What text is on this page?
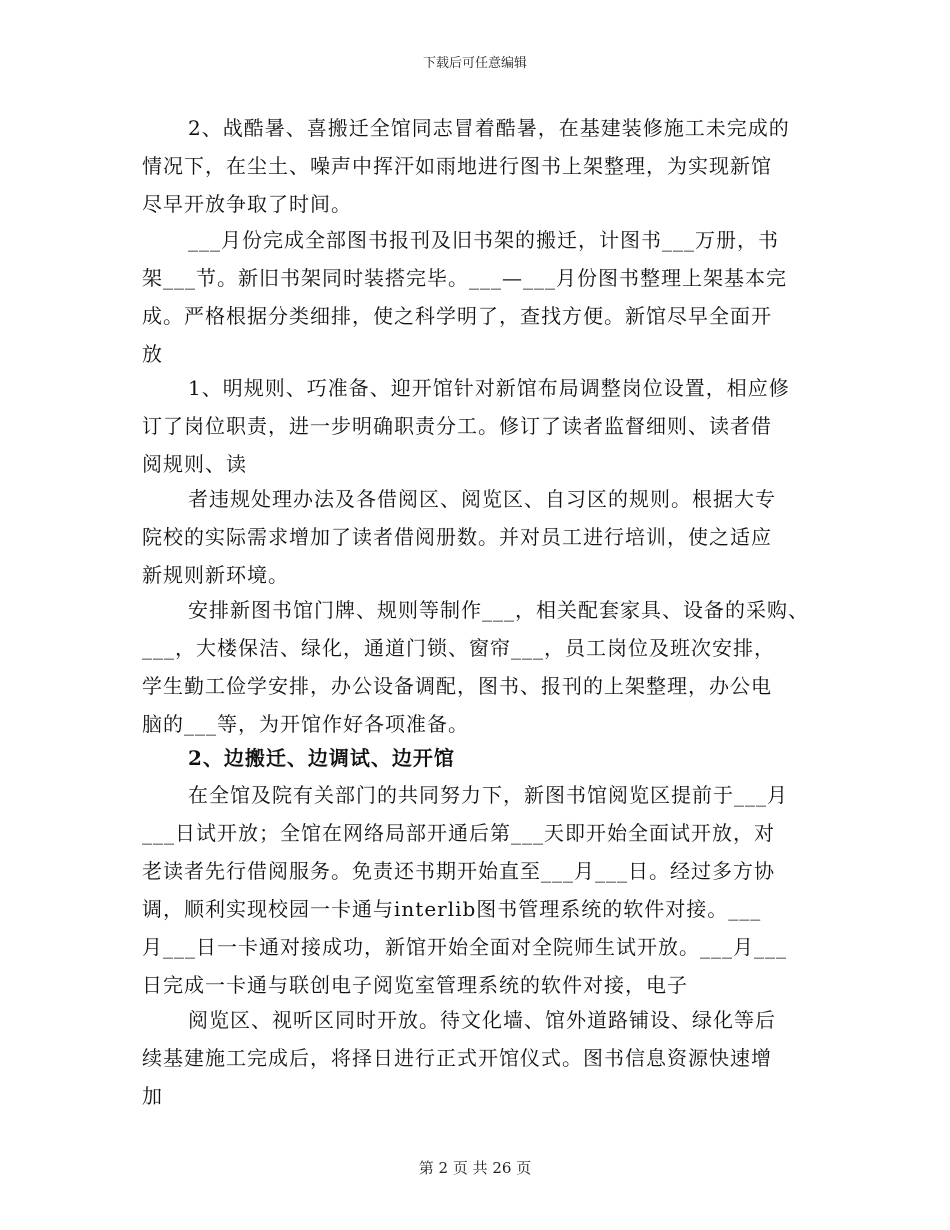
下载后可任意编辑
2、战酷暑、喜搬迁全馆同志冒着酷暑，在基建装修施工未完成的
情况下，在尘土、噪声中挥汗如雨地进行图书上架整理，为实现新馆
尽早开放争取了时间。
___月份完成全部图书报刊及旧书架的搬迁，计图书___万册，书
架___节。新旧书架同时装搭完毕。___—___月份图书整理上架基本完
成。严格根据分类细排，使之科学明了，查找方便。新馆尽早全面开
放
1、明规则、巧准备、迎开馆针对新馆布局调整岗位设置，相应修
订了岗位职责，进一步明确职责分工。修订了读者监督细则、读者借
阅规则、读
者违规处理办法及各借阅区、阅览区、自习区的规则。根据大专
院校的实际需求增加了读者借阅册数。并对员工进行培训，使之适应
新规则新环境。
安排新图书馆门牌、规则等制作___，相关配套家具、设备的采购、
___，大楼保洁、绿化，通道门锁、窗帘___，员工岗位及班次安排，
学生勤工俭学安排，办公设备调配，图书、报刊的上架整理，办公电
脑的___等，为开馆作好各项准备。
2、边搬迁、边调试、边开馆
在全馆及院有关部门的共同努力下，新图书馆阅览区提前于___月
___日试开放；全馆在网络局部开通后第___天即开始全面试开放，对
老读者先行借阅服务。免责还书期开始直至___月___日。经过多方协
调，顺利实现校园一卡通与interlib图书管理系统的软件对接。___
月___日一卡通对接成功，新馆开始全面对全院师生试开放。___月___
日完成一卡通与联创电子阅览室管理系统的软件对接，电子
阅览区、视听区同时开放。待文化墙、馆外道路铺设、绿化等后
续基建施工完成后，将择日进行正式开馆仪式。图书信息资源快速增
加
第 2 页 共 26 页
